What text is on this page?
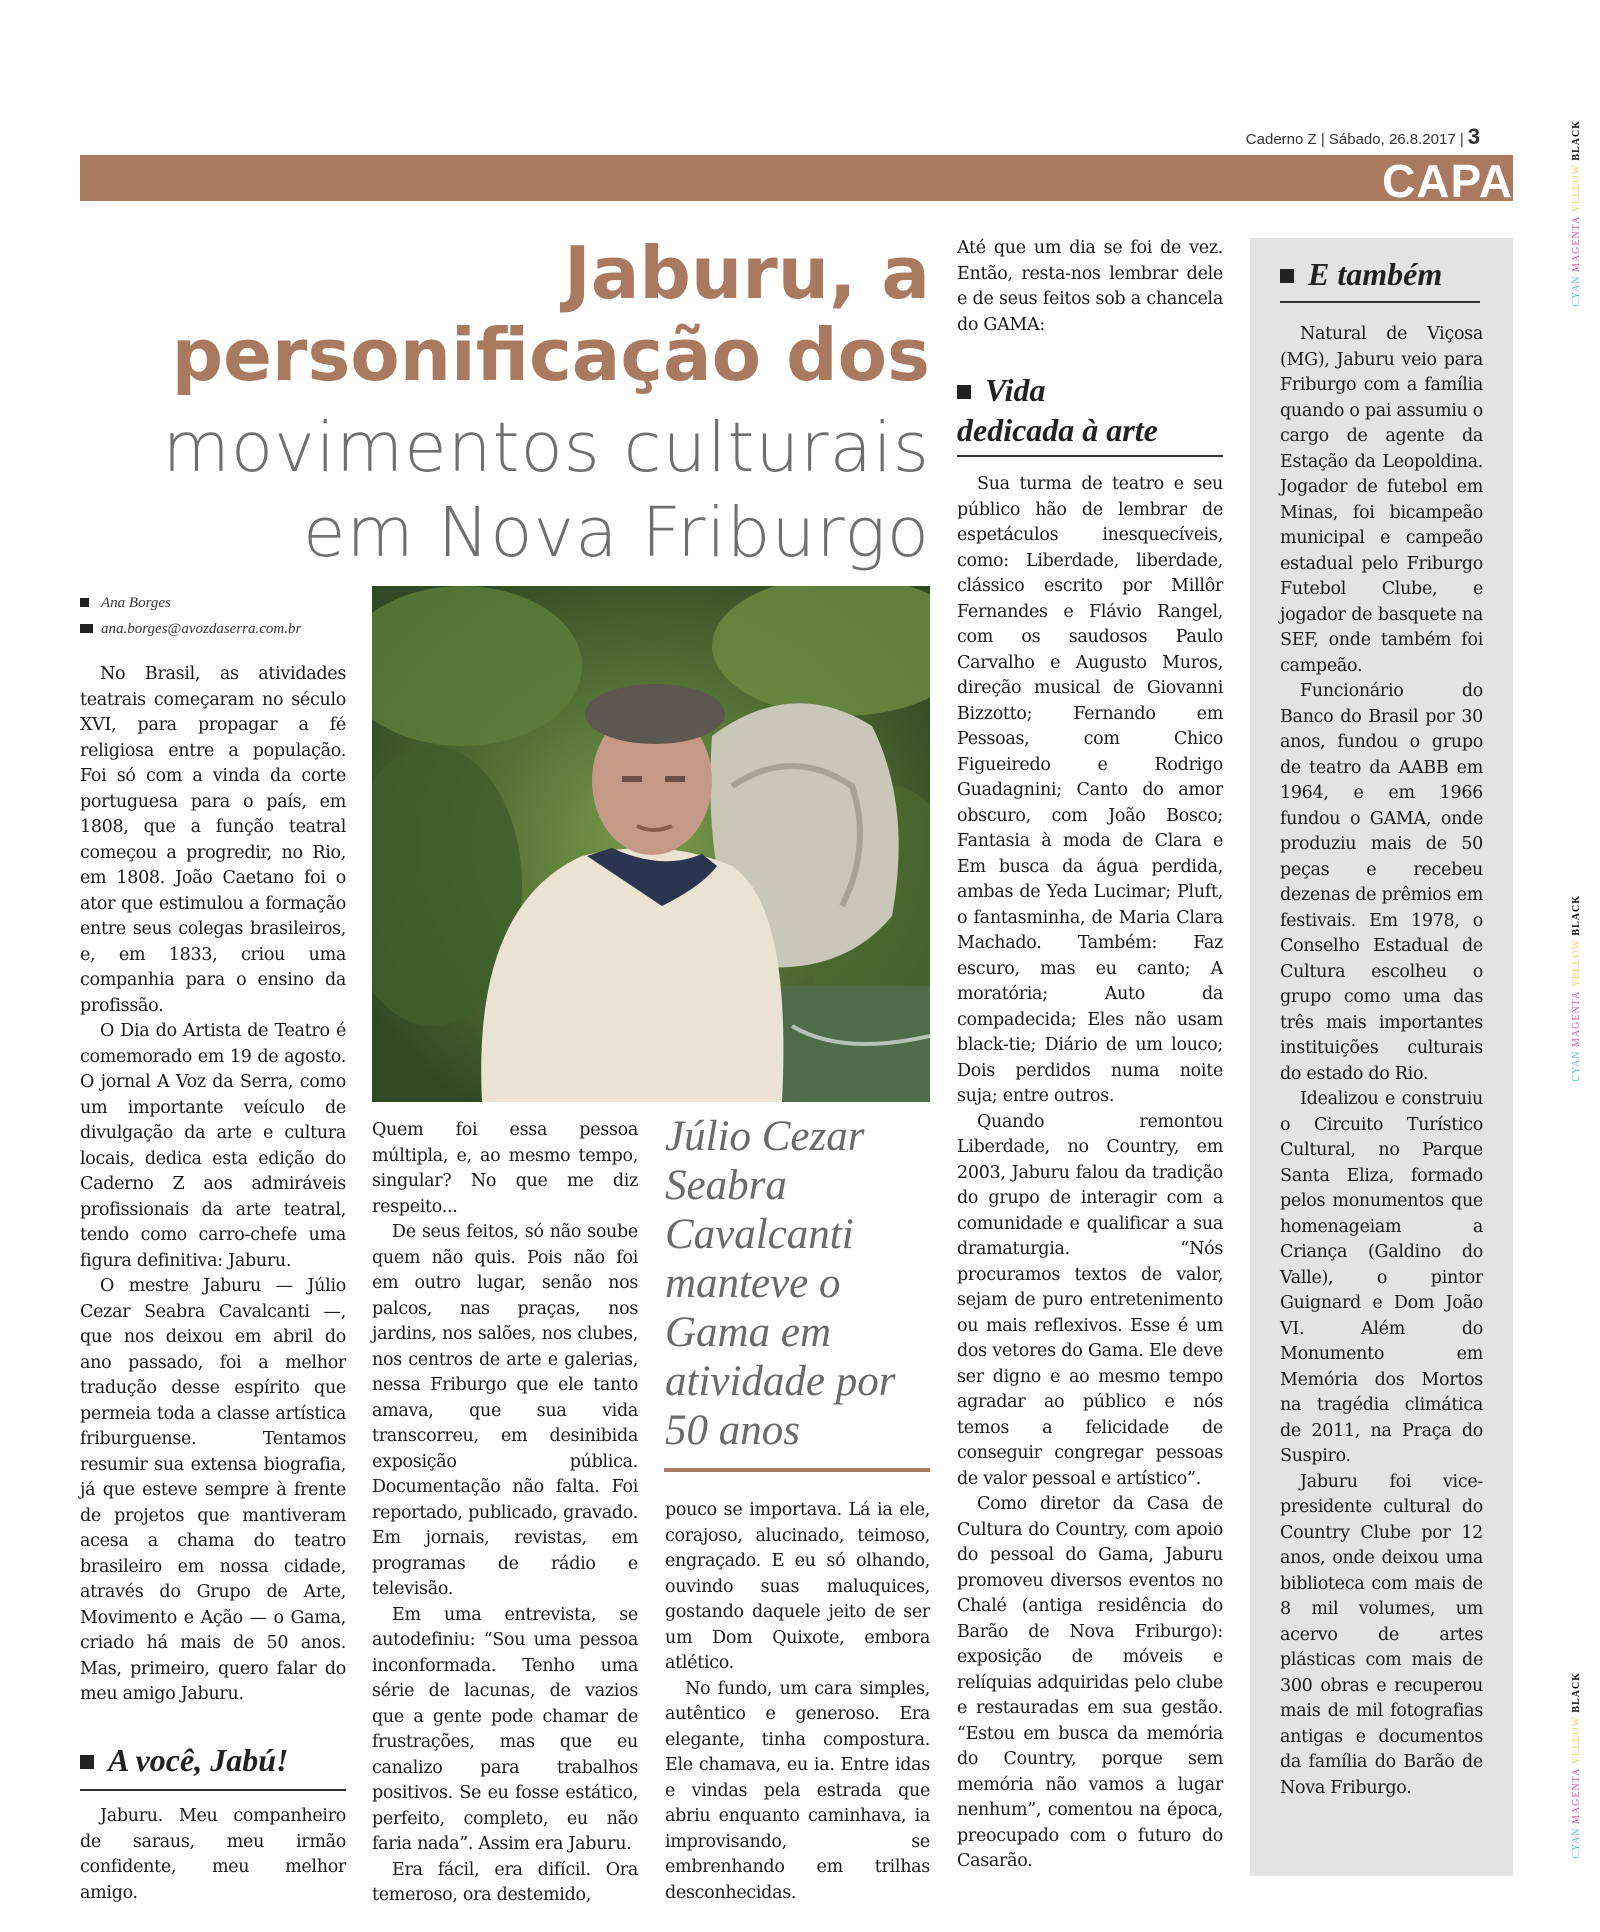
Caderno Z | Sábado, 26.8.2017 | 3
CAPA
CYAN MAGENTA YELLOW BLACK
CYAN MAGENTA YELLOW BLACK
CYAN MAGENTA YELLOW BLACK
Jaburu, a
personificação dos
movimentos culturais
em Nova Friburgo
Ana Borges
ana.borges@avozdaserra.com.br

No Brasil, as atividades teatrais começaram no século XVI, para propagar a fé religiosa entre a população. Foi só com a vinda da corte portuguesa para o país, em 1808, que a função teatral começou a progredir, no Rio, em 1808. João Caetano foi o ator que estimulou a formação entre seus colegas brasileiros, e, em 1833, criou uma companhia para o ensino da profissão.

O Dia do Artista de Teatro é comemorado em 19 de agosto. O jornal A Voz da Serra, como um importante veículo de divulgação da arte e cultura locais, dedica esta edição do Caderno Z aos admiráveis profissionais da arte teatral, tendo como carro-chefe uma figura definitiva: Jaburu.

O mestre Jaburu — Júlio Cezar Seabra Cavalcanti —, que nos deixou em abril do ano passado, foi a melhor tradução desse espírito que permeia toda a classe artística friburguense. Tentamos resumir sua extensa biografia, já que esteve sempre à frente de projetos que mantiveram acesa a chama do teatro brasileiro em nossa cidade, através do Grupo de Arte, Movimento e Ação — o Gama, criado há mais de 50 anos. Mas, primeiro, quero falar do meu amigo Jaburu.

A você, Jabú!

Jaburu. Meu companheiro de saraus, meu irmão confidente, meu melhor amigo.

Quem foi essa pessoa múltipla, e, ao mesmo tempo, singular? No que me diz respeito...

De seus feitos, só não soube quem não quis. Pois não foi em outro lugar, senão nos palcos, nas praças, nos jardins, nos salões, nos clubes, nos centros de arte e galerias, nessa Friburgo que ele tanto amava, que sua vida transcorreu, em desinibida exposição pública. Documentação não falta. Foi reportado, publicado, gravado. Em jornais, revistas, em programas de rádio e televisão.

Em uma entrevista, se autodefiniu: “Sou uma pessoa inconformada. Tenho uma série de lacunas, de vazios que a gente pode chamar de frustrações, mas que eu canalizo para trabalhos positivos. Se eu fosse estático, perfeito, completo, eu não faria nada”. Assim era Jaburu.

Era fácil, era difícil. Ora temeroso, ora destemido,

Júlio Cezar Seabra Cavalcanti manteve o Gama em atividade por 50 anos

pouco se importava. Lá ia ele, corajoso, alucinado, teimoso, engraçado. E eu só olhando, ouvindo suas maluquices, gostando daquele jeito de ser um Dom Quixote, embora atlético.

No fundo, um cara simples, autêntico e generoso. Era elegante, tinha compostura. Ele chamava, eu ia. Entre idas e vindas pela estrada que abriu enquanto caminhava, ia improvisando, se embrenhando em trilhas desconhecidas.

Até que um dia se foi de vez. Então, resta-nos lembrar dele e de seus feitos sob a chancela do GAMA:

Vida
dedicada à arte

Sua turma de teatro e seu público hão de lembrar de espetáculos inesquecíveis, como: Liberdade, liberdade, clássico escrito por Millôr Fernandes e Flávio Rangel, com os saudosos Paulo Carvalho e Augusto Muros, direção musical de Giovanni Bizzotto; Fernando em Pessoas, com Chico Figueiredo e Rodrigo Guadagnini; Canto do amor obscuro, com João Bosco; Fantasia à moda de Clara e Em busca da água perdida, ambas de Yeda Lucimar; Pluft, o fantasminha, de Maria Clara Machado. Também: Faz escuro, mas eu canto; A moratória; Auto da compadecida; Eles não usam black-tie; Diário de um louco; Dois perdidos numa noite suja; entre outros.

Quando remontou Liberdade, no Country, em 2003, Jaburu falou da tradição do grupo de interagir com a comunidade e qualificar a sua dramaturgia. “Nós procuramos textos de valor, sejam de puro entretenimento ou mais reflexivos. Esse é um dos vetores do Gama. Ele deve ser digno e ao mesmo tempo agradar ao público e nós temos a felicidade de conseguir congregar pessoas de valor pessoal e artístico”.

Como diretor da Casa de Cultura do Country, com apoio do pessoal do Gama, Jaburu promoveu diversos eventos no Chalé (antiga residência do Barão de Nova Friburgo): exposição de móveis e relíquias adquiridas pelo clube e restauradas em sua gestão. “Estou em busca da memória do Country, porque sem memória não vamos a lugar nenhum”, comentou na época, preocupado com o futuro do Casarão.

E também

Natural de Viçosa (MG), Jaburu veio para Friburgo com a família quando o pai assumiu o cargo de agente da Estação da Leopoldina. Jogador de futebol em Minas, foi bicampeão municipal e campeão estadual pelo Friburgo Futebol Clube, e jogador de basquete na SEF, onde também foi campeão.

Funcionário do Banco do Brasil por 30 anos, fundou o grupo de teatro da AABB em 1964, e em 1966 fundou o GAMA, onde produziu mais de 50 peças e recebeu dezenas de prêmios em festivais. Em 1978, o Conselho Estadual de Cultura escolheu o grupo como uma das três mais importantes instituições culturais do estado do Rio.

Idealizou e construiu o Circuito Turístico Cultural, no Parque Santa Eliza, formado pelos monumentos que homenageiam a Criança (Galdino do Valle), o pintor Guignard e Dom João VI. Além do Monumento em Memória dos Mortos na tragédia climática de 2011, na Praça do Suspiro.

Jaburu foi vice-presidente cultural do Country Clube por 12 anos, onde deixou uma biblioteca com mais de 8 mil volumes, um acervo de artes plásticas com mais de 300 obras e recuperou mais de mil fotografias antigas e documentos da família do Barão de Nova Friburgo.
